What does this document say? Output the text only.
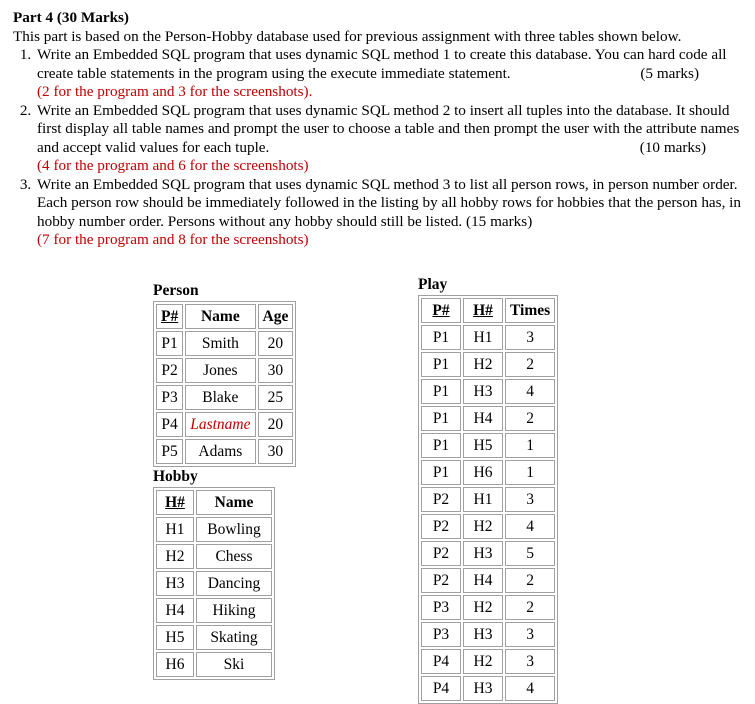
Part 4 (30 Marks)
This part is based on the Person-Hobby database used for previous assignment with three tables shown below.
1. Write an Embedded SQL program that uses dynamic SQL method 1 to create this database. You can hard code all create table statements in the program using the execute immediate statement.	(5 marks)
(2 for the program and 3 for the screenshots).
2. Write an Embedded SQL program that uses dynamic SQL method 2 to insert all tuples into the database. It should first display all table names and prompt the user to choose a table and then prompt the user with the attribute names and accept valid values for each tuple.	(10 marks)
(4 for the program and 6 for the screenshots)
3. Write an Embedded SQL program that uses dynamic SQL method 3 to list all person rows, in person number order. Each person row should be immediately followed in the listing by all hobby rows for hobbies that the person has, in hobby number order. Persons without any hobby should still be listed. (15 marks)
(7 for the program and 8 for the screenshots)
Person
P#	Name	Age
P1	Smith	20
P2	Jones	30
P3	Blake	25
P4	Lastname	20
P5	Adams	30
Hobby
H#	Name
H1	Bowling
H2	Chess
H3	Dancing
H4	Hiking
H5	Skating
H6	Ski
Play
P#	H#	Times
P1	H1	3
P1	H2	2
P1	H3	4
P1	H4	2
P1	H5	1
P1	H6	1
P2	H1	3
P2	H2	4
P2	H3	5
P2	H4	2
P3	H2	2
P3	H3	3
P4	H2	3
P4	H3	4
